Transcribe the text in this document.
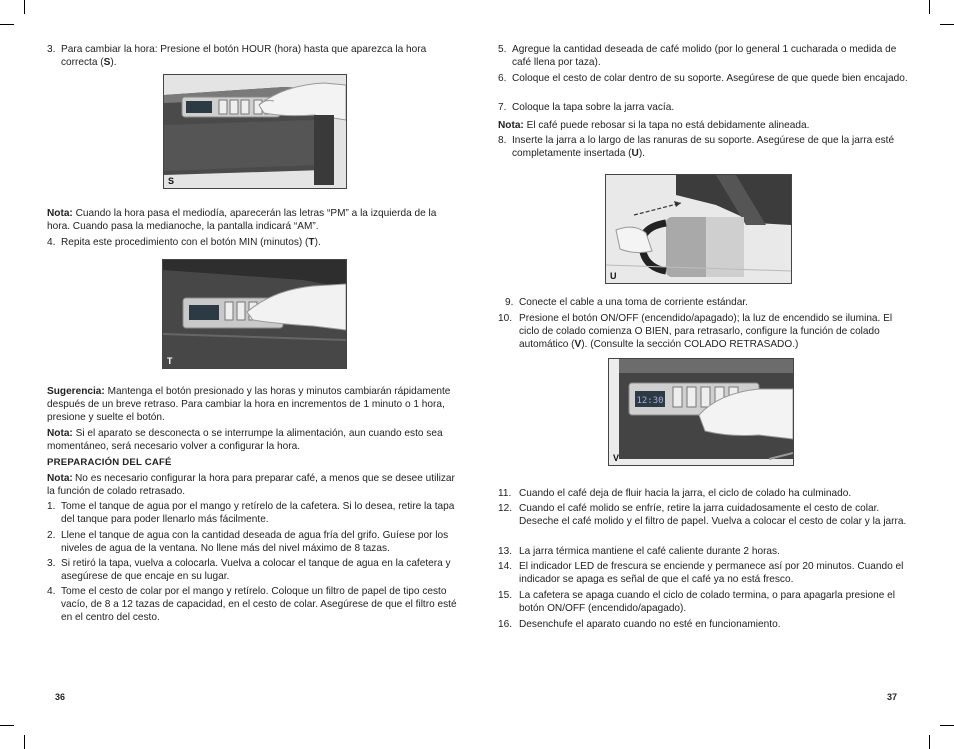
3. Para cambiar la hora: Presione el botón HOUR (hora) hasta que aparezca la hora correcta (S).
S

Nota: Cuando la hora pasa el mediodía, aparecerán las letras “PM” a la izquierda de la hora. Cuando pasa la medianoche, la pantalla indicará “AM”.

4. Repita este procedimiento con el botón MIN (minutos) (T).
T

Sugerencia: Mantenga el botón presionado y las horas y minutos cambiarán rápidamente después de un breve retraso. Para cambiar la hora en incrementos de 1 minuto o 1 hora, presione y suelte el botón.

Nota: Si el aparato se desconecta o se interrumpe la alimentación, aun cuando esto sea momentáneo, será necesario volver a configurar la hora.

PREPARACIÓN DEL CAFÉ
Nota: No es necesario configurar la hora para preparar café, a menos que se desee utilizar la función de colado retrasado.
1. Tome el tanque de agua por el mango y retírelo de la cafetera. Si lo desea, retire la tapa del tanque para poder llenarlo más fácilmente.
2. Llene el tanque de agua con la cantidad deseada de agua fría del grifo. Guíese por los niveles de agua de la ventana. No llene más del nivel máximo de 8 tazas.
3. Si retiró la tapa, vuelva a colocarla. Vuelva a colocar el tanque de agua en la cafetera y asegúrese de que encaje en su lugar.
4. Tome el cesto de colar por el mango y retírelo. Coloque un filtro de papel de tipo cesto vacío, de 8 a 12 tazas de capacidad, en el cesto de colar. Asegúrese de que el filtro esté en el centro del cesto.
36
5. Agregue la cantidad deseada de café molido (por lo general 1 cucharada o medida de café llena por taza).
6. Coloque el cesto de colar dentro de su soporte. Asegúrese de que quede bien encajado.
7. Coloque la tapa sobre la jarra vacía.

Nota: El café puede rebosar si la tapa no está debidamente alineada.

8. Inserte la jarra a lo largo de las ranuras de su soporte. Asegúrese de que la jarra esté completamente insertada (U).
U
9. Conecte el cable a una toma de corriente estándar.
10. Presione el botón ON/OFF (encendido/apagado); la luz de encendido se ilumina. El ciclo de colado comienza O BIEN, para retrasarlo, configure la función de colado automático (V). (Consulte la sección COLADO RETRASADO.)
12:30
V
11. Cuando el café deja de fluir hacia la jarra, el ciclo de colado ha culminado.
12. Cuando el café molido se enfríe, retire la jarra cuidadosamente el cesto de colar. Deseche el café molido y el filtro de papel. Vuelva a colocar el cesto de colar y la jarra.
13. La jarra térmica mantiene el café caliente durante 2 horas.
14. El indicador LED de frescura se enciende y permanece así por 20 minutos. Cuando el indicador se apaga es señal de que el café ya no está fresco.
15. La cafetera se apaga cuando el ciclo de colado termina, o para apagarla presione el botón ON/OFF (encendido/apagado).
16. Desenchufe el aparato cuando no esté en funcionamiento.
37
